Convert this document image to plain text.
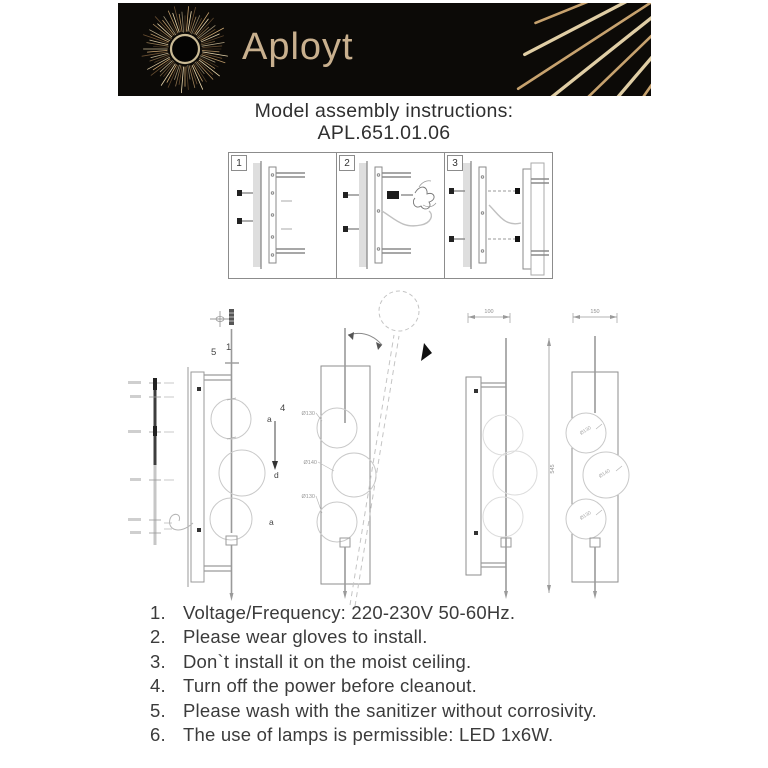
Aployt
Model assembly instructions:
APL.651.01.06
1	2	3
5 1
4
a
d
a
Ø130
Ø140
Ø130
100
545
150
Ø130
Ø140
Ø130
1. Voltage/Frequency: 220-230V 50-60Hz.
2. Please wear gloves to install.
3. Don`t install it on the moist ceiling.
4. Turn off the power before cleanout.
5. Please wash with the sanitizer without corrosivity.
6. The use of lamps is permissible: LED 1x6W.
